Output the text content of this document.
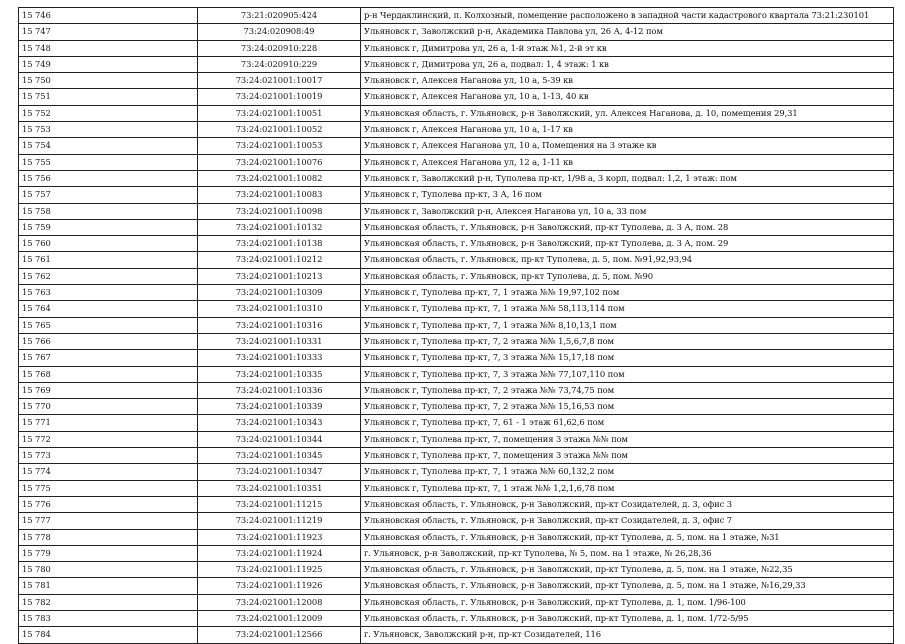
15 746	73:21:020905:424	р-н Чердаклинский, п. Колхозный, помещение расположено в западной части кадастрового квартала 73:21:230101
15 747	73:24:020908:49	Ульяновск г, Заволжский р-н, Академика Павлова ул, 26 А, 4-12 пом
15 748	73:24:020910:228	Ульяновск г, Димитрова ул, 26 а, 1-й этаж №1, 2-й эт кв
15 749	73:24:020910:229	Ульяновск г, Димитрова ул, 26 а, подвал: 1, 4 этаж: 1 кв
15 750	73:24:021001:10017	Ульяновск г, Алексея Наганова ул, 10 а, 5-39 кв
15 751	73:24:021001:10019	Ульяновск г, Алексея Наганова ул, 10 а, 1-13, 40 кв
15 752	73:24:021001:10051	Ульяновская область, г. Ульяновск, р-н Заволжский, ул. Алексея Наганова, д. 10, помещения 29,31
15 753	73:24:021001:10052	Ульяновск г, Алексея Наганова ул, 10 а, 1-17 кв
15 754	73:24:021001:10053	Ульяновск г, Алексея Наганова ул, 10 а, Помещения на 3 этаже кв
15 755	73:24:021001:10076	Ульяновск г, Алексея Наганова ул, 12 а, 1-11 кв
15 756	73:24:021001:10082	Ульяновск г, Заволжский р-н, Туполева пр-кт, 1/98 а, 3 корп, подвал: 1,2, 1 этаж: пом
15 757	73:24:021001:10083	Ульяновск г, Туполева пр-кт, 3 А, 16 пом
15 758	73:24:021001:10098	Ульяновск г, Заволжский р-н, Алексея Наганова ул, 10 а, 33 пом
15 759	73:24:021001:10132	Ульяновская область, г. Ульяновск, р-н Заволжский, пр-кт Туполева, д. 3 А, пом. 28
15 760	73:24:021001:10138	Ульяновская область, г. Ульяновск, р-н Заволжский, пр-кт Туполева, д. 3 А, пом. 29
15 761	73:24:021001:10212	Ульяновская область, г. Ульяновск, пр-кт Туполева, д. 5, пом. №91,92,93,94
15 762	73:24:021001:10213	Ульяновская область, г. Ульяновск, пр-кт Туполева, д. 5, пом. №90
15 763	73:24:021001:10309	Ульяновск г, Туполева пр-кт, 7, 1 этажа №№ 19,97,102 пом
15 764	73:24:021001:10310	Ульяновск г, Туполева пр-кт, 7, 1 этажа №№ 58,113,114 пом
15 765	73:24:021001:10316	Ульяновск г, Туполева пр-кт, 7, 1 этажа №№ 8,10,13,1 пом
15 766	73:24:021001:10331	Ульяновск г, Туполева пр-кт, 7, 2 этажа №№ 1,5,6,7,8 пом
15 767	73:24:021001:10333	Ульяновск г, Туполева пр-кт, 7, 3 этажа №№ 15,17,18 пом
15 768	73:24:021001:10335	Ульяновск г, Туполева пр-кт, 7, 3 этажа №№ 77,107,110 пом
15 769	73:24:021001:10336	Ульяновск г, Туполева пр-кт, 7, 2 этажа №№ 73,74,75 пом
15 770	73:24:021001:10339	Ульяновск г, Туполева пр-кт, 7, 2 этажа №№ 15,16,53 пом
15 771	73:24:021001:10343	Ульяновск г, Туполева пр-кт, 7, 61 - 1 этаж 61,62,6 пом
15 772	73:24:021001:10344	Ульяновск г, Туполева пр-кт, 7, помещения 3 этажа №№ пом
15 773	73:24:021001:10345	Ульяновск г, Туполева пр-кт, 7, помещения 3 этажа №№ пом
15 774	73:24:021001:10347	Ульяновск г, Туполева пр-кт, 7, 1 этажа №№ 60,132,2 пом
15 775	73:24:021001:10351	Ульяновск г, Туполева пр-кт, 7, 1 этаж №№ 1,2,1,6,78 пом
15 776	73:24:021001:11215	Ульяновская область, г. Ульяновск, р-н Заволжский, пр-кт Созидателей, д. 3, офис 3
15 777	73:24:021001:11219	Ульяновская область, г. Ульяновск, р-н Заволжский, пр-кт Созидателей, д. 3, офис 7
15 778	73:24:021001:11923	Ульяновская область, г. Ульяновск, р-н Заволжский, пр-кт Туполева, д. 5, пом. на 1 этаже, №31
15 779	73:24:021001:11924	г. Ульяновск, р-н Заволжский, пр-кт Туполева, № 5, пом. на 1 этаже, № 26,28,36
15 780	73:24:021001:11925	Ульяновская область, г. Ульяновск, р-н Заволжский, пр-кт Туполева, д. 5, пом. на 1 этаже, №22,35
15 781	73:24:021001:11926	Ульяновская область, г. Ульяновск, р-н Заволжский, пр-кт Туполева, д. 5, пом. на 1 этаже, №16,29,33
15 782	73:24:021001:12008	Ульяновская область, г. Ульяновск, р-н Заволжский, пр-кт Туполева, д. 1, пом. 1/96-100
15 783	73:24:021001:12009	Ульяновская область, г. Ульяновск, р-н Заволжский, пр-кт Туполева, д. 1, пом. 1/72-5/95
15 784	73:24:021001:12566	г. Ульяновск, Заволжский р-н, пр-кт Созидателей, 116
